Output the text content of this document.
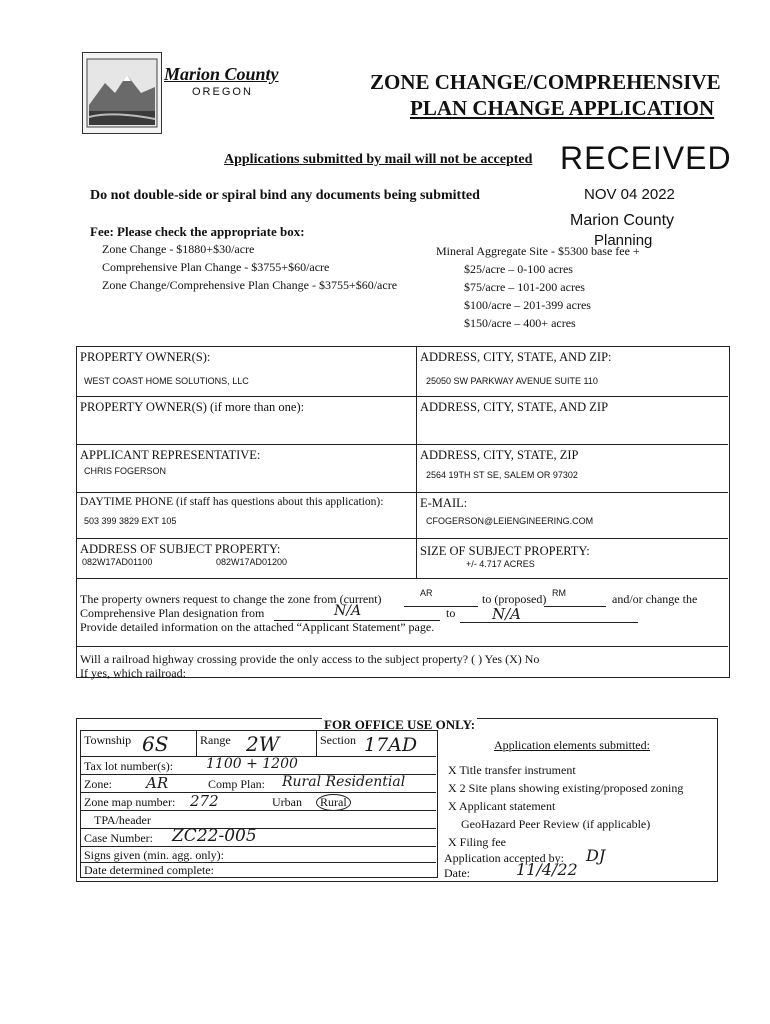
Marion County
OREGON	ZONE CHANGE/COMPREHENSIVE
PLAN CHANGE APPLICATION
Applications submitted by mail will not be accepted RECEIVED
NOV 04 2022
Marion County
Planning
Do not double-side or spiral bind any documents being submitted
Fee: Please check the appropriate box:
Zone Change - $1880+$30/acre
Comprehensive Plan Change - $3755+$60/acre
Zone Change/Comprehensive Plan Change - $3755+$60/acre
Mineral Aggregate Site - $5300 base fee +
$25/acre – 0-100 acres
$75/acre – 101-200 acres
$100/acre – 201-399 acres
$150/acre – 400+ acres
PROPERTY OWNER(S):
WEST COAST HOME SOLUTIONS, LLC
ADDRESS, CITY, STATE, AND ZIP:
25050 SW PARKWAY AVENUE SUITE 110
PROPERTY OWNER(S) (if more than one):	ADDRESS, CITY, STATE, AND ZIP
APPLICANT REPRESENTATIVE:
CHRIS FOGERSON
ADDRESS, CITY, STATE, ZIP
2564 19TH ST SE, SALEM OR 97302
DAYTIME PHONE (if staff has questions about this application):
503 399 3829 EXT 105
E-MAIL:
CFOGERSON@LEIENGINEERING.COM
ADDRESS OF SUBJECT PROPERTY:
082W17AD01100	082W17AD01200
SIZE OF SUBJECT PROPERTY:
+/- 4.717 ACRES
The property owners request to change the zone from (current)	AR	to (proposed) RM	and/or change the
Comprehensive Plan designation from	N/A	to N/A
Provide detailed information on the attached “Applicant Statement” page.
Will a railroad highway crossing provide the only access to the subject property? ( ) Yes (X) No
If yes, which railroad:
FOR OFFICE USE ONLY:
Township 6S	Range 2W	Section 17AD
Tax lot number(s): 1100 + 1200
Zone: AR	Comp Plan: Rural Residential
Zone map number: 272	Urban	Rural
TPA/header
Case Number: ZC22-005
Signs given (min. agg. only):
Date determined complete:
Application elements submitted:
X Title transfer instrument
X 2 Site plans showing existing/proposed zoning
X Applicant statement
GeoHazard Peer Review (if applicable)
X Filing fee
Application accepted by: DJ
Date:	11/4/22
